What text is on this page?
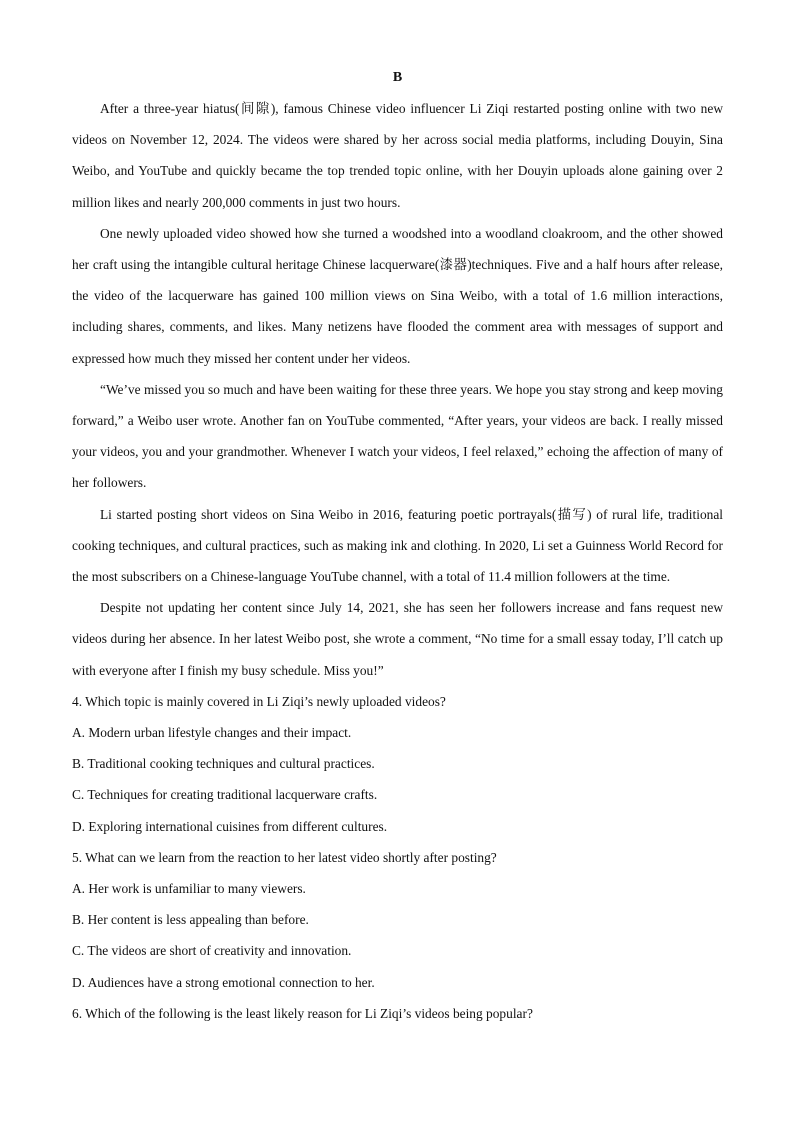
B

After a three-year hiatus(间隙), famous Chinese video influencer Li Ziqi restarted posting online with two new videos on November 12, 2024. The videos were shared by her across social media platforms, including Douyin, Sina Weibo, and YouTube and quickly became the top trended topic online, with her Douyin uploads alone gaining over 2 million likes and nearly 200,000 comments in just two hours.

One newly uploaded video showed how she turned a woodshed into a woodland cloakroom, and the other showed her craft using the intangible cultural heritage Chinese lacquerware(漆器)techniques. Five and a half hours after release, the video of the lacquerware has gained 100 million views on Sina Weibo, with a total of 1.6 million interactions, including shares, comments, and likes. Many netizens have flooded the comment area with messages of support and expressed how much they missed her content under her videos.

“We’ve missed you so much and have been waiting for these three years. We hope you stay strong and keep moving forward,” a Weibo user wrote. Another fan on YouTube commented, “After years, your videos are back. I really missed your videos, you and your grandmother. Whenever I watch your videos, I feel relaxed,” echoing the affection of many of her followers.

Li started posting short videos on Sina Weibo in 2016, featuring poetic portrayals(描写) of rural life, traditional cooking techniques, and cultural practices, such as making ink and clothing. In 2020, Li set a Guinness World Record for the most subscribers on a Chinese-language YouTube channel, with a total of 11.4 million followers at the time.

Despite not updating her content since July 14, 2021, she has seen her followers increase and fans request new videos during her absence. In her latest Weibo post, she wrote a comment, “No time for a small essay today, I’ll catch up with everyone after I finish my busy schedule. Miss you!”

4. Which topic is mainly covered in Li Ziqi’s newly uploaded videos?

A. Modern urban lifestyle changes and their impact.

B. Traditional cooking techniques and cultural practices.

C. Techniques for creating traditional lacquerware crafts.

D. Exploring international cuisines from different cultures.

5. What can we learn from the reaction to her latest video shortly after posting?

A. Her work is unfamiliar to many viewers.

B. Her content is less appealing than before.

C. The videos are short of creativity and innovation.

D. Audiences have a strong emotional connection to her.

6. Which of the following is the least likely reason for Li Ziqi’s videos being popular?
